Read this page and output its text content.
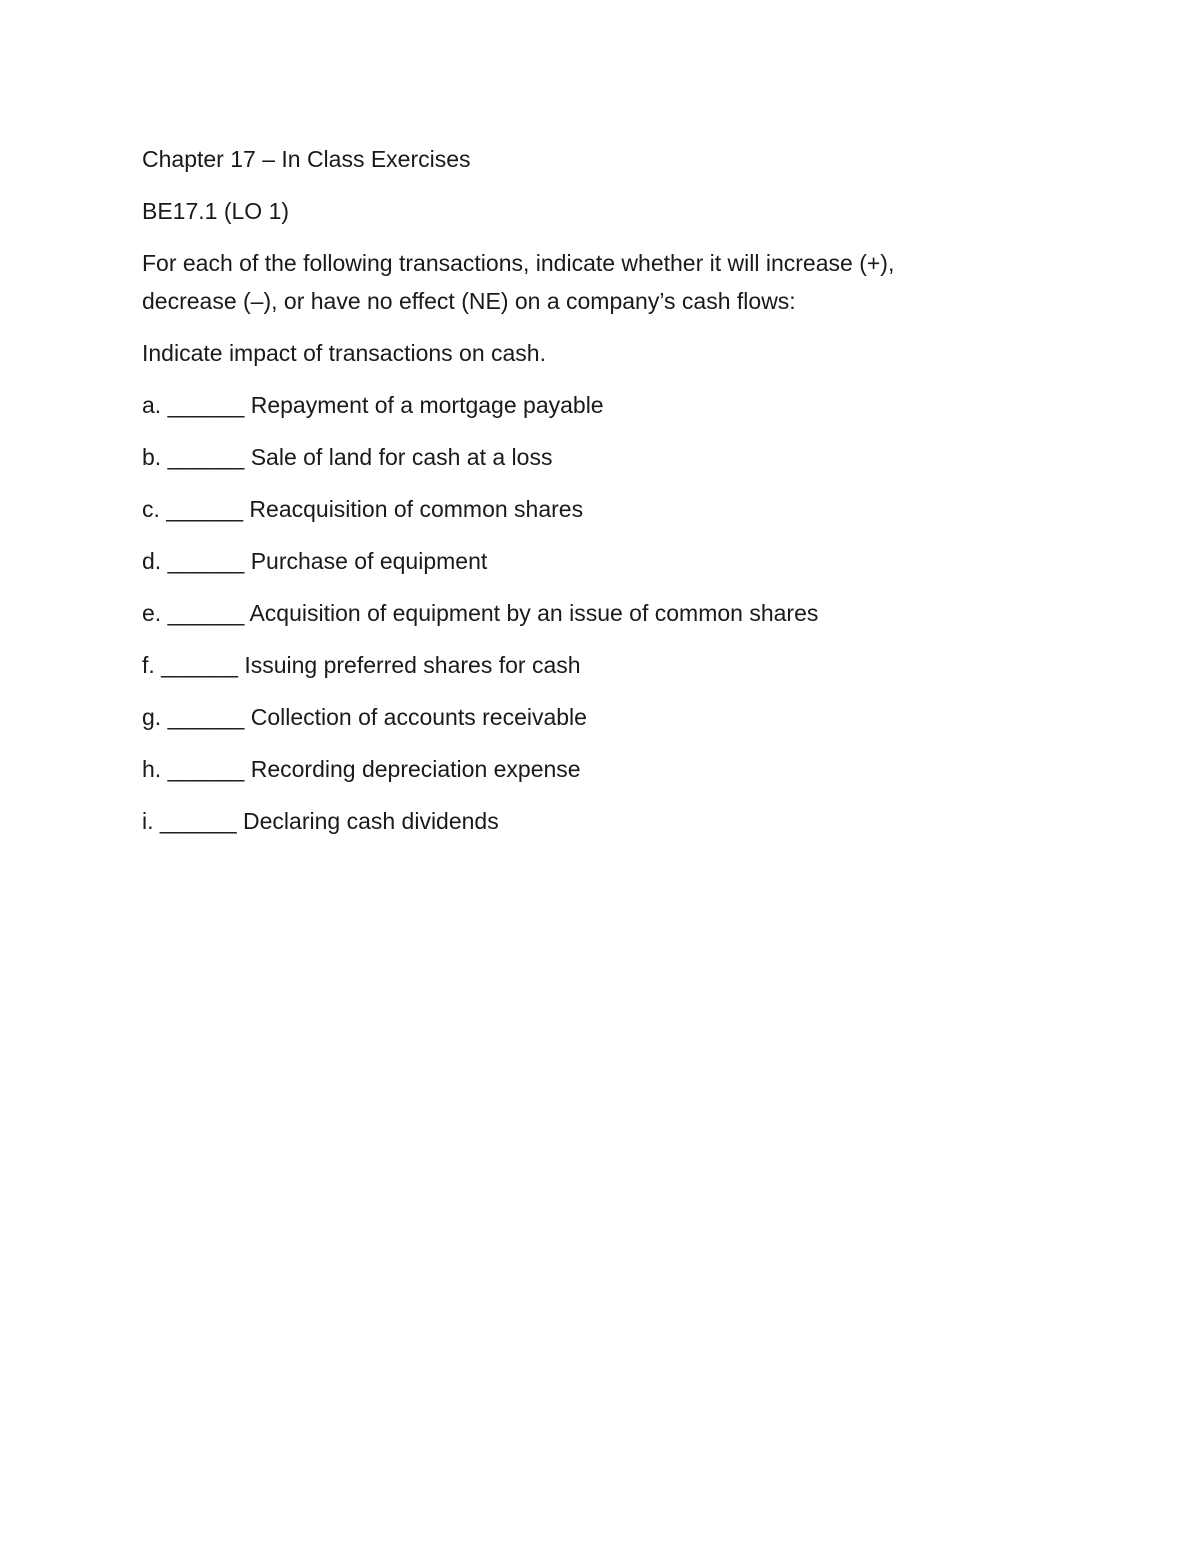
Chapter 17 – In Class Exercises

BE17.1 (LO 1)

For each of the following transactions, indicate whether it will increase (+),

decrease (–), or have no effect (NE) on a company’s cash flows:

Indicate impact of transactions on cash.

a. ______ Repayment of a mortgage payable

b. ______ Sale of land for cash at a loss

c. ______ Reacquisition of common shares

d. ______ Purchase of equipment

e. ______ Acquisition of equipment by an issue of common shares

f. ______ Issuing preferred shares for cash

g. ______ Collection of accounts receivable

h. ______ Recording depreciation expense

i. ______ Declaring cash dividends
